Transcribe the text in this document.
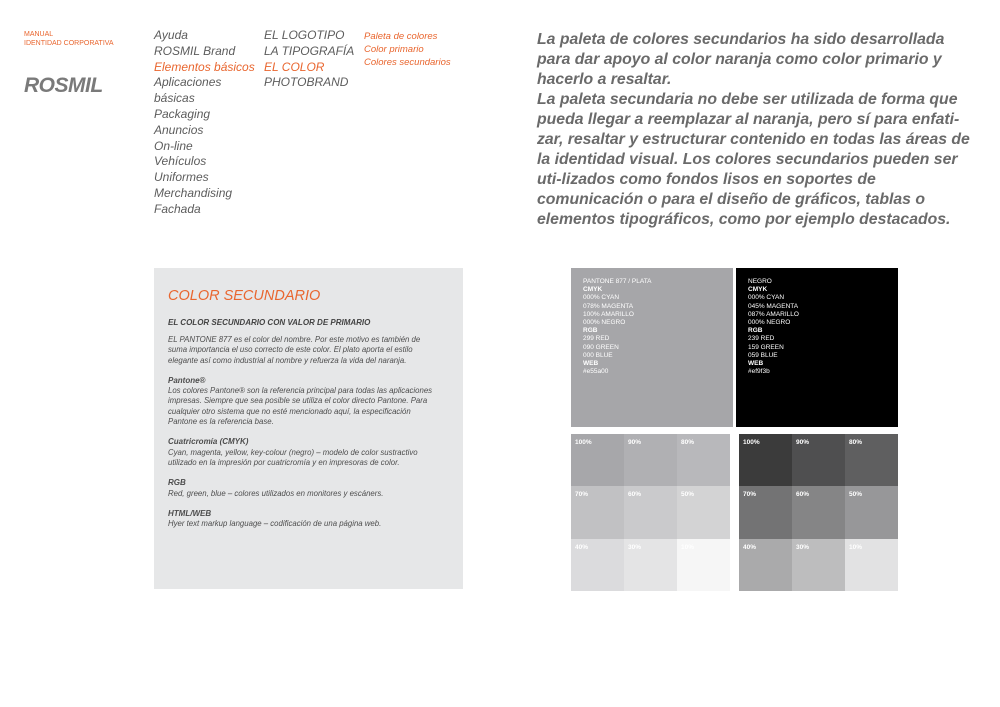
MANUAL
IDENTIDAD CORPORATIVA
ROSMIL
Ayuda
ROSMIL Brand
Elementos básicos
Aplicaciones básicas
Packaging
Anuncios
On-line
Vehículos
Uniformes
Merchandising
Fachada
EL LOGOTIPO
LA TIPOGRAFÍA
EL COLOR
PHOTOBRAND
Paleta de colores
Color primario
Colores secundarios

La paleta de colores secundarios ha sido desarrollada para dar apoyo al color naranja como color primario y hacerlo a resaltar.

La paleta secundaria no debe ser utilizada de forma que pueda llegar a reemplazar al naranja, pero sí para enfati-zar, resaltar y estructurar contenido en todas las áreas de la identidad visual. Los colores secundarios pueden ser uti-lizados como fondos lisos en soportes de comunicación o para el diseño de gráficos, tablas o elementos tipográficos, como por ejemplo destacados.

COLOR SECUNDARIO
EL COLOR SECUNDARIO CON VALOR DE PRIMARIO

EL PANTONE 877 es el color del nombre. Por este motivo es también de suma importancia el uso correcto de este color. El plato aporta el estilo elegante así como industrial al nombre y refuerza la vida del naranja.

Pantone®

Los colores Pantone® son la referencia principal para todas las aplicaciones impresas. Siempre que sea posible se utiliza el color directo Pantone. Para cualquier otro sistema que no esté mencionado aquí, la especificación Pantone es la referencia base.

Cuatricromía (CMYK)

Cyan, magenta, yellow, key-colour (negro) – modelo de color sustractivo utilizado en la impresión por cuatricromía y en impresoras de color.

RGB

Red, green, blue – colores utilizados en monitores y escáners.

HTML/WEB

Hyer text markup language – codificación de una página web.

PANTONE 877 / PLATA
CMYK
000% CYAN
078% MAGENTA
100% AMARILLO
000% NEGRO
RGB
299 RED
090 GREEN
000 BLUE
WEB
#e55a00
NEGRO
CMYK
000% CYAN
045% MAGENTA
087% AMARILLO
000% NEGRO
RGB
239 RED
159 GREEN
059 BLUE
WEB
#ef9f3b
100%	90%	80%
70%	60%	50%
40%	30%	10%
100%	90%	80%
70%	60%	50%
40%	30%	10%
